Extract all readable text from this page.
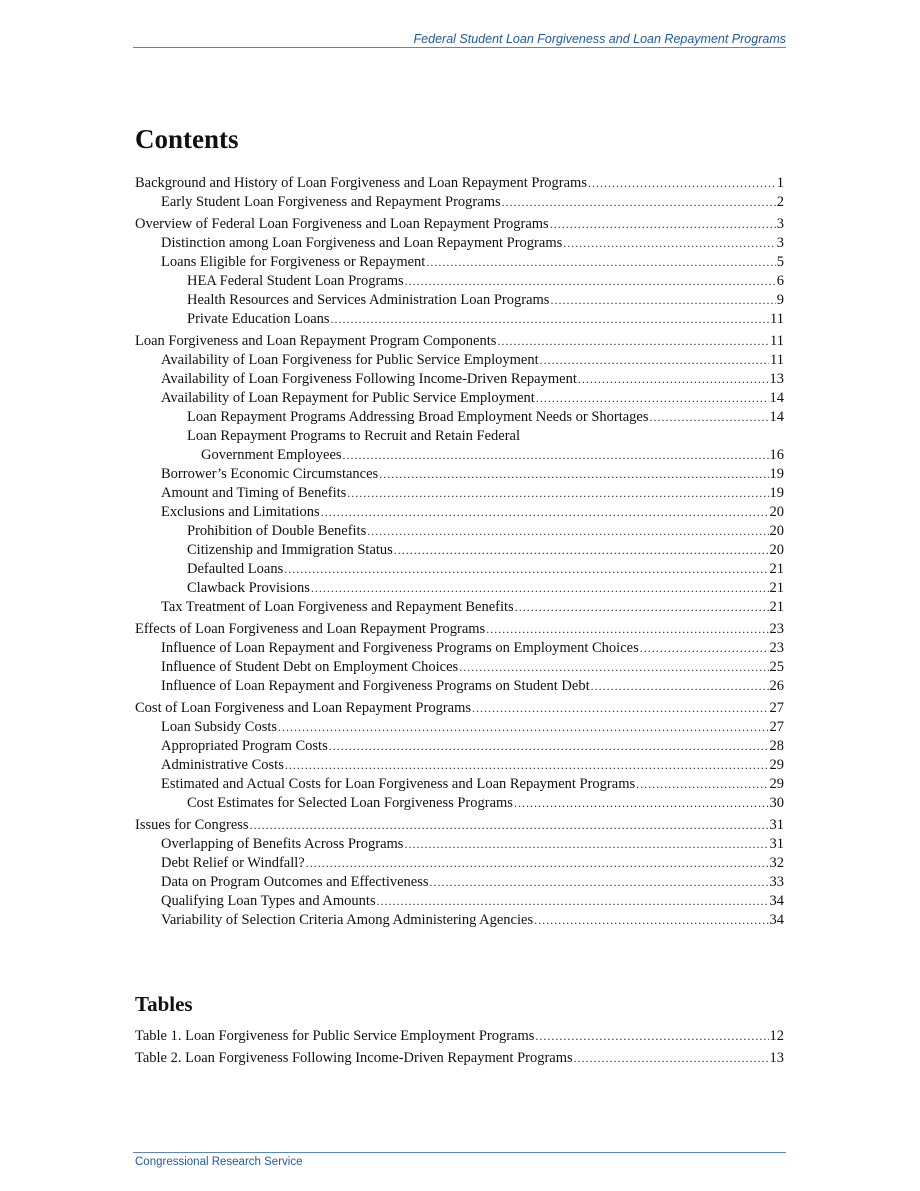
Federal Student Loan Forgiveness and Loan Repayment Programs
Contents
Background and History of Loan Forgiveness and Loan Repayment Programs .....	1
Early Student Loan Forgiveness and Repayment Programs .....	2
Overview of Federal Loan Forgiveness and Loan Repayment Programs .....	3
Distinction among Loan Forgiveness and Loan Repayment Programs .....	3
Loans Eligible for Forgiveness or Repayment .....	5
HEA Federal Student Loan Programs .....	6
Health Resources and Services Administration Loan Programs .....	9
Private Education Loans .....	11
Loan Forgiveness and Loan Repayment Program Components .....	11
Availability of Loan Forgiveness for Public Service Employment .....	11
Availability of Loan Forgiveness Following Income-Driven Repayment .....	13
Availability of Loan Repayment for Public Service Employment .....	14
Loan Repayment Programs Addressing Broad Employment Needs or Shortages .....	14
Loan Repayment Programs to Recruit and Retain Federal
Government Employees .....	16
Borrower’s Economic Circumstances .....	19
Amount and Timing of Benefits .....	19
Exclusions and Limitations .....	20
Prohibition of Double Benefits .....	20
Citizenship and Immigration Status .....	20
Defaulted Loans .....	21
Clawback Provisions .....	21
Tax Treatment of Loan Forgiveness and Repayment Benefits .....	21
Effects of Loan Forgiveness and Loan Repayment Programs .....	23
Influence of Loan Repayment and Forgiveness Programs on Employment Choices .....	23
Influence of Student Debt on Employment Choices .....	25
Influence of Loan Repayment and Forgiveness Programs on Student Debt .....	26
Cost of Loan Forgiveness and Loan Repayment Programs .....	27
Loan Subsidy Costs .....	27
Appropriated Program Costs .....	28
Administrative Costs .....	29
Estimated and Actual Costs for Loan Forgiveness and Loan Repayment Programs .....	29
Cost Estimates for Selected Loan Forgiveness Programs .....	30
Issues for Congress .....	31
Overlapping of Benefits Across Programs .....	31
Debt Relief or Windfall? .....	32
Data on Program Outcomes and Effectiveness .....	33
Qualifying Loan Types and Amounts .....	34
Variability of Selection Criteria Among Administering Agencies .....	34
Tables
Table 1. Loan Forgiveness for Public Service Employment Programs .....	12
Table 2. Loan Forgiveness Following Income-Driven Repayment Programs .....	13
Congressional Research Service
